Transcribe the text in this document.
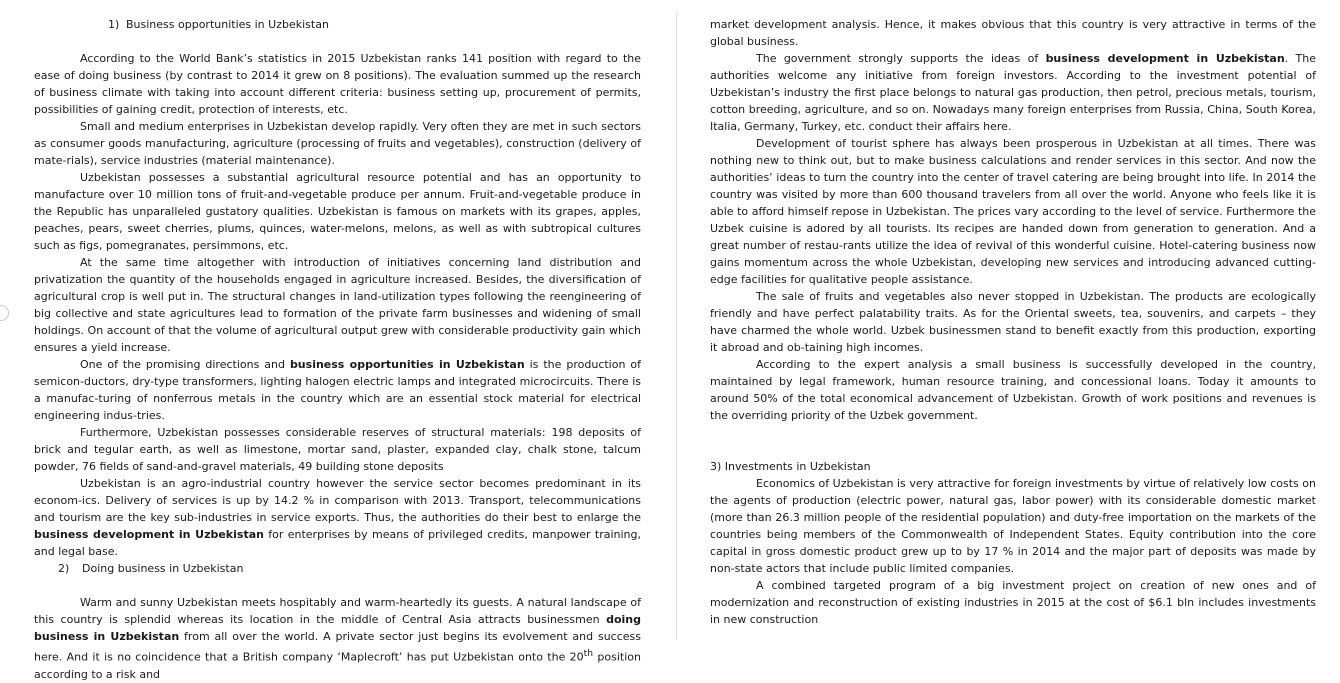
1) Business opportunities in Uzbekistan

According to the World Bank’s statistics in 2015 Uzbekistan ranks 141 position with regard to the ease of doing business (by contrast to 2014 it grew on 8 positions). The evaluation summed up the research of business climate with taking into account different criteria: business setting up, procurement of permits, possibilities of gaining credit, protection of interests, etc.

Small and medium enterprises in Uzbekistan develop rapidly. Very often they are met in such sectors as consumer goods manufacturing, agriculture (processing of fruits and vegetables), construction (delivery of mate-rials), service industries (material maintenance).

Uzbekistan possesses a substantial agricultural resource potential and has an opportunity to manufacture over 10 million tons of fruit-and-vegetable produce per annum. Fruit-and-vegetable produce in the Republic has unparalleled gustatory qualities. Uzbekistan is famous on markets with its grapes, apples, peaches, pears, sweet cherries, plums, quinces, water-melons, melons, as well as with subtropical cultures such as figs, pomegranates, persimmons, etc.

At the same time altogether with introduction of initiatives concerning land distribution and privatization the quantity of the households engaged in agriculture increased. Besides, the diversification of agricultural crop is well put in. The structural changes in land-utilization types following the reengineering of big collective and state agricultures lead to formation of the private farm businesses and widening of small holdings. On account of that the volume of agricultural output grew with considerable productivity gain which ensures a yield increase.

One of the promising directions and business opportunities in Uzbekistan is the production of semicon-ductors, dry-type transformers, lighting halogen electric lamps and integrated microcircuits. There is a manufac-turing of nonferrous metals in the country which are an essential stock material for electrical engineering indus-tries.

Furthermore, Uzbekistan possesses considerable reserves of structural materials: 198 deposits of brick and tegular earth, as well as limestone, mortar sand, plaster, expanded clay, chalk stone, talcum powder, 76 fields of sand-and-gravel materials, 49 building stone deposits

Uzbekistan is an agro-industrial country however the service sector becomes predominant in its econom-ics. Delivery of services is up by 14.2 % in comparison with 2013. Transport, telecommunications and tourism are the key sub-industries in service exports. Thus, the authorities do their best to enlarge the business development in Uzbekistan for enterprises by means of privileged credits, manpower training, and legal base.

2) Doing business in Uzbekistan

Warm and sunny Uzbekistan meets hospitably and warm-heartedly its guests. A natural landscape of this country is splendid whereas its location in the middle of Central Asia attracts businessmen doing business in Uzbekistan from all over the world. A private sector just begins its evolvement and success here. And it is no coincidence that a British company ‘Maplecroft’ has put Uzbekistan onto the 20th position according to a risk and

market development analysis. Hence, it makes obvious that this country is very attractive in terms of the global business.

The government strongly supports the ideas of business development in Uzbekistan. The authorities welcome any initiative from foreign investors. According to the investment potential of Uzbekistan’s industry the first place belongs to natural gas production, then petrol, precious metals, tourism, cotton breeding, agriculture, and so on. Nowadays many foreign enterprises from Russia, China, South Korea, Italia, Germany, Turkey, etc. conduct their affairs here.

Development of tourist sphere has always been prosperous in Uzbekistan at all times. There was nothing new to think out, but to make business calculations and render services in this sector. And now the authorities’ ideas to turn the country into the center of travel catering are being brought into life. In 2014 the country was visited by more than 600 thousand travelers from all over the world. Anyone who feels like it is able to afford himself repose in Uzbekistan. The prices vary according to the level of service. Furthermore the Uzbek cuisine is adored by all tourists. Its recipes are handed down from generation to generation. And a great number of restau-rants utilize the idea of revival of this wonderful cuisine. Hotel-catering business now gains momentum across the whole Uzbekistan, developing new services and introducing advanced cutting-edge facilities for qualitative people assistance.

The sale of fruits and vegetables also never stopped in Uzbekistan. The products are ecologically friendly and have perfect palatability traits. As for the Oriental sweets, tea, souvenirs, and carpets – they have charmed the whole world. Uzbek businessmen stand to benefit exactly from this production, exporting it abroad and ob-taining high incomes.

According to the expert analysis a small business is successfully developed in the country, maintained by legal framework, human resource training, and concessional loans. Today it amounts to around 50% of the total economical advancement of Uzbekistan. Growth of work positions and revenues is the overriding priority of the Uzbek government.

3) Investments in Uzbekistan

Economics of Uzbekistan is very attractive for foreign investments by virtue of relatively low costs on the agents of production (electric power, natural gas, labor power) with its considerable domestic market (more than 26.3 million people of the residential population) and duty-free importation on the markets of the countries being members of the Commonwealth of Independent States. Equity contribution into the core capital in gross domestic product grew up to by 17 % in 2014 and the major part of deposits was made by non-state actors that include public limited companies.

A combined targeted program of a big investment project on creation of new ones and of modernization and reconstruction of existing industries in 2015 at the cost of $6.1 bln includes investments in new construction
